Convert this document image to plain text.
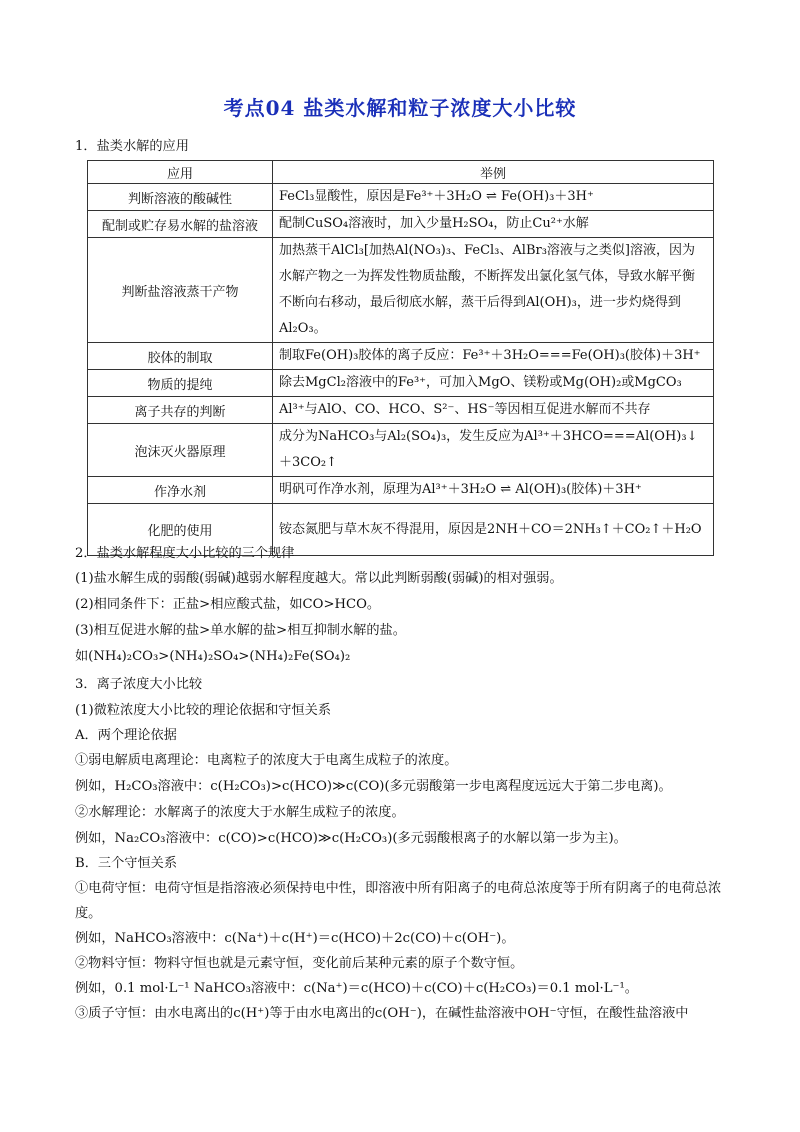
考点04 盐类水解和粒子浓度大小比较
1．盐类水解的应用
应用	举例
判断溶液的酸碱性	FeCl₃显酸性，原因是Fe³⁺＋3H₂O ⇌ Fe(OH)₃＋3H⁺
配制或贮存易水解的盐溶液	配制CuSO₄溶液时，加入少量H₂SO₄，防止Cu²⁺水解
判断盐溶液蒸干产物	加热蒸干AlCl₃[加热Al(NO₃)₃、FeCl₃、AlBr₃溶液与之类似]溶液，因为水解产物之一为挥发性物质盐酸，不断挥发出氯化氢气体，导致水解平衡不断向右移动，最后彻底水解，蒸干后得到Al(OH)₃，进一步灼烧得到Al₂O₃。
胶体的制取	制取Fe(OH)₃胶体的离子反应：Fe³⁺＋3H₂O===Fe(OH)₃(胶体)＋3H⁺
物质的提纯	除去MgCl₂溶液中的Fe³⁺，可加入MgO、镁粉或Mg(OH)₂或MgCO₃
离子共存的判断	Al³⁺与AlO、CO、HCO、S²⁻、HS⁻等因相互促进水解而不共存
泡沫灭火器原理	成分为NaHCO₃与Al₂(SO₄)₃，发生反应为Al³⁺＋3HCO===Al(OH)₃↓＋3CO₂↑
作净水剂	明矾可作净水剂，原理为Al³⁺＋3H₂O ⇌ Al(OH)₃(胶体)＋3H⁺
化肥的使用	铵态氮肥与草木灰不得混用，原因是2NH＋CO＝2NH₃↑＋CO₂↑＋H₂O
2．盐类水解程度大小比较的三个规律
(1)盐水解生成的弱酸(弱碱)越弱水解程度越大。常以此判断弱酸(弱碱)的相对强弱。
(2)相同条件下：正盐>相应酸式盐，如CO>HCO。
(3)相互促进水解的盐>单水解的盐>相互抑制水解的盐。
如(NH₄)₂CO₃>(NH₄)₂SO₄>(NH₄)₂Fe(SO₄)₂
3．离子浓度大小比较
(1)微粒浓度大小比较的理论依据和守恒关系
A．两个理论依据
①弱电解质电离理论：电离粒子的浓度大于电离生成粒子的浓度。
例如，H₂CO₃溶液中：c(H₂CO₃)>c(HCO)≫c(CO)(多元弱酸第一步电离程度远远大于第二步电离)。
②水解理论：水解离子的浓度大于水解生成粒子的浓度。
例如，Na₂CO₃溶液中：c(CO)>c(HCO)≫c(H₂CO₃)(多元弱酸根离子的水解以第一步为主)。
B．三个守恒关系
①电荷守恒：电荷守恒是指溶液必须保持电中性，即溶液中所有阳离子的电荷总浓度等于所有阴离子的电荷总浓度。
例如，NaHCO₃溶液中：c(Na⁺)＋c(H⁺)＝c(HCO)＋2c(CO)＋c(OH⁻)。
②物料守恒：物料守恒也就是元素守恒，变化前后某种元素的原子个数守恒。
例如，0.1 mol·L⁻¹ NaHCO₃溶液中：c(Na⁺)＝c(HCO)＋c(CO)＋c(H₂CO₃)＝0.1 mol·L⁻¹。
③质子守恒：由水电离出的c(H⁺)等于由水电离出的c(OH⁻)，在碱性盐溶液中OH⁻守恒，在酸性盐溶液中
